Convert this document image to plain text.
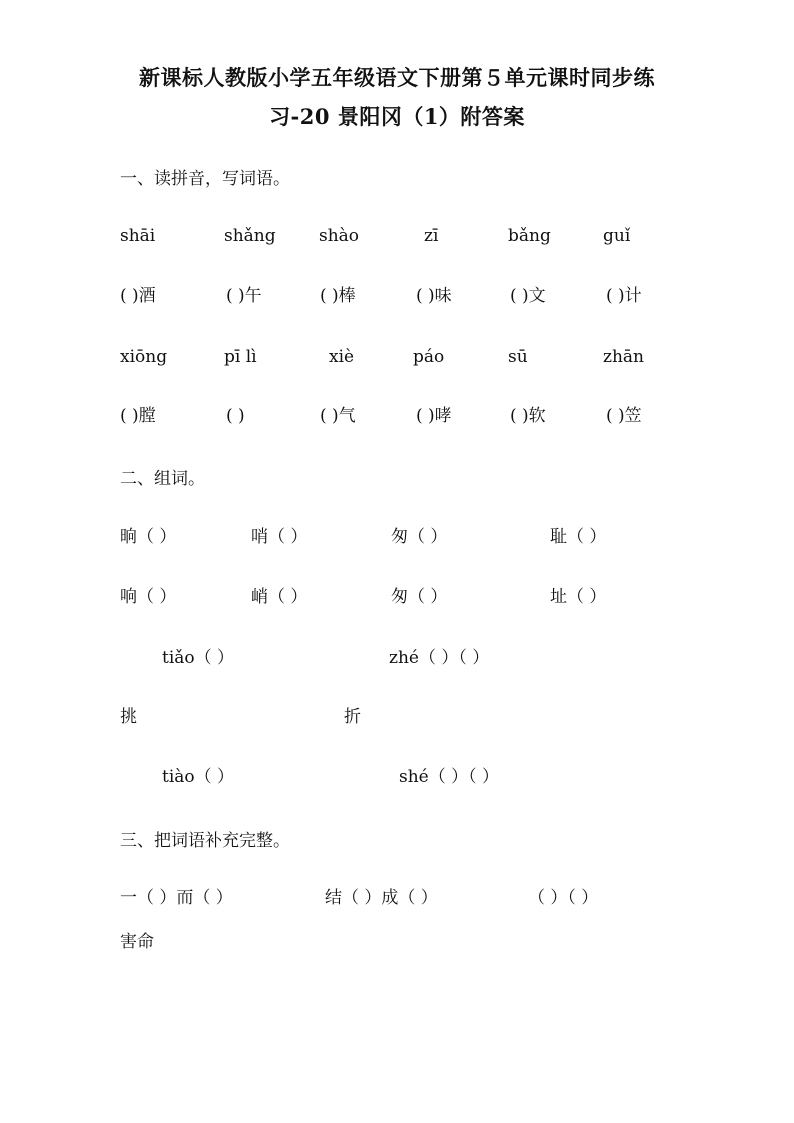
新课标人教版小学五年级语文下册第５单元课时同步练
习-20 景阳冈（1）附答案
一、读拼音，写词语。
shāi	shǎng	shào	zī	bǎng	guǐ
( )酒	( )午	( )棒	( )味	( )文	( )计
xiōng	pī lì	xiè	páo	sū	zhān
( )膛	( )	( )气	( )哮	( )软	( )笠
二、组词。
晌（ ）	哨（ ）	匆（ ）	耻（ ）
响（ ）	峭（ ）	匆（ ）	址（ ）
tiǎo（ ）	zhé（ ）（ ）
挑	折
tiào（ ）	shé（ ）（ ）
三、把词语补充完整。
一（ ）而（ ）	结（ ）成（ ）	（ ）（ ）
害命
